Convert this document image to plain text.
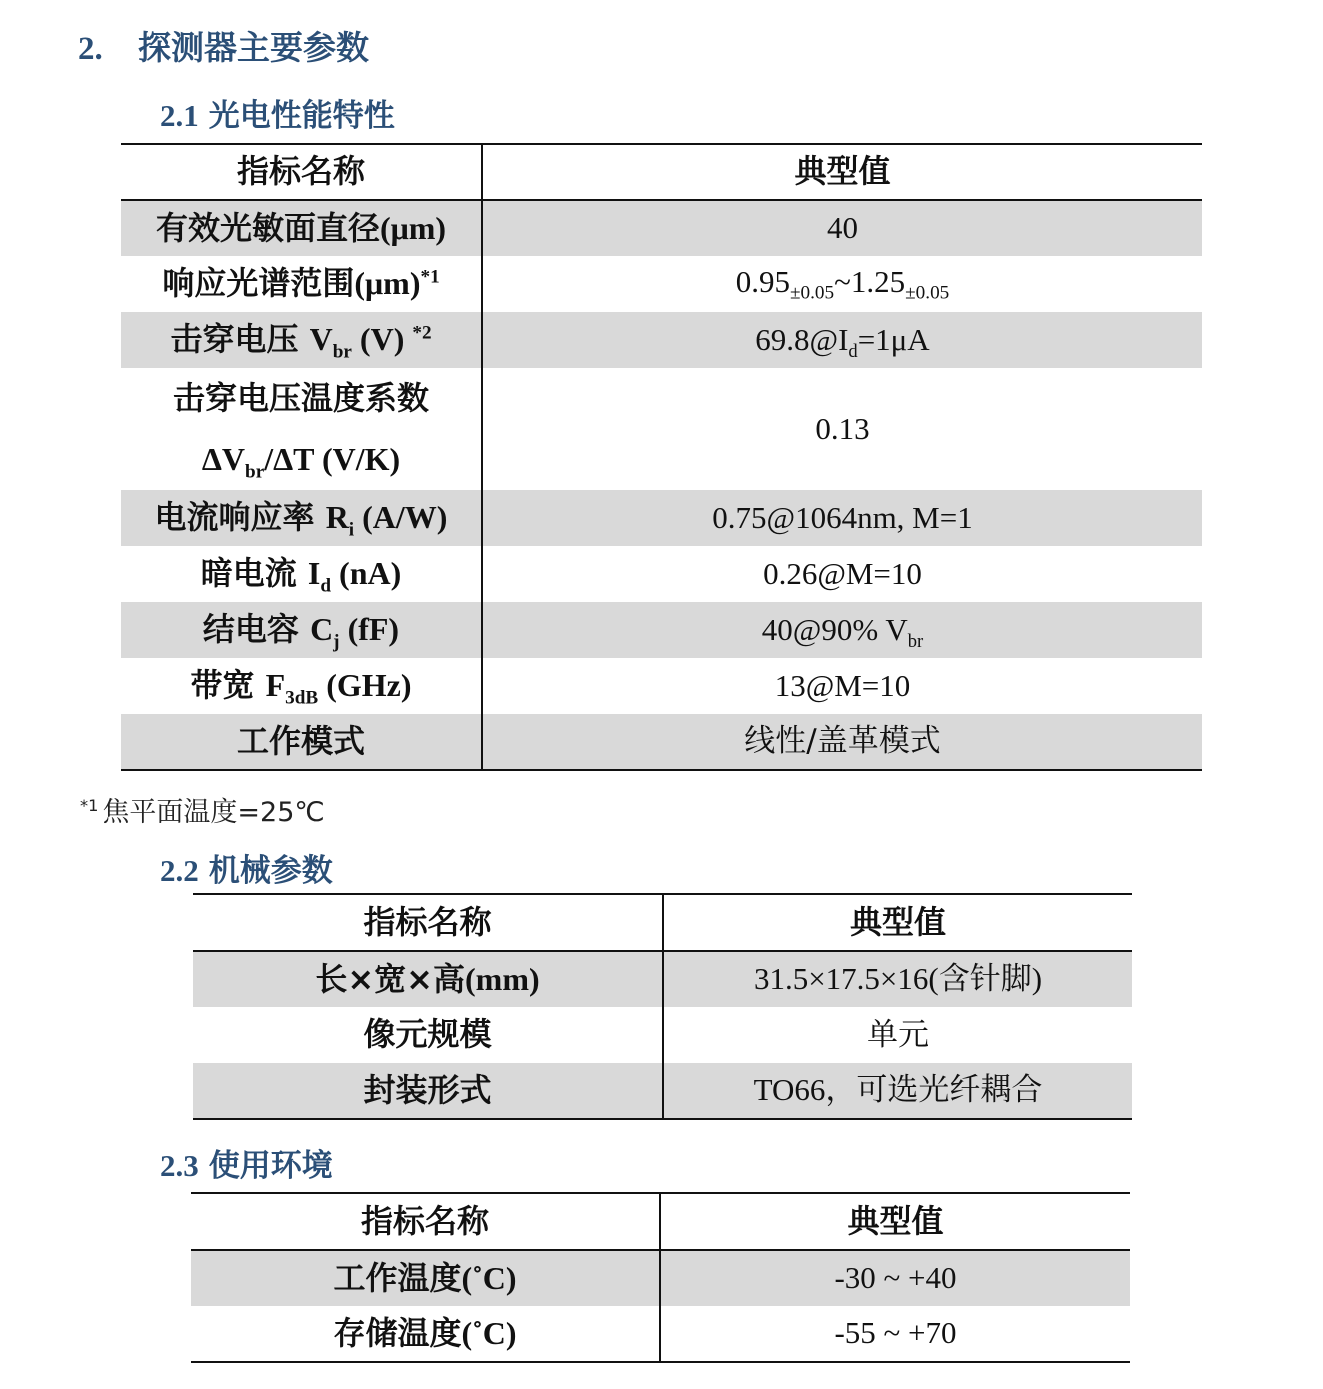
2. 探测器主要参数
2.1 光电性能特性
指标名称	典型值
有效光敏面直径(μm)	40
响应光谱范围$(\mu m)^{*1}$	$0.95_{\pm 0.05}\sim 1.25_{\pm 0.05}$
击穿电压 $V_{br}$ (V) $^{*2}$	$69.8@I_d=1\mu A$
击穿电压温度系数
$\Delta V_{br}/\Delta T$ (V/K)	0.13
电流响应率 $R_i$ (A/W)	0.75@1064nm, M=1
暗电流 $I_d$ (nA)	0.26@M=10
结电容 $C_j$ (fF)	40@90% $V_{br}$
带宽 $F_{3dB}$ (GHz)	13@M=10
工作模式	线性/盖革模式
$^{*1}$ 焦平面温度=25℃
2.2 机械参数
指标名称	典型值
长×宽×高(mm)	31.5×17.5×16(含针脚)
像元规模	单元
封装形式	TO66，可选光纤耦合
2.3 使用环境
指标名称	典型值
工作温度(˚C)	-30 ~ +40
存储温度(˚C)	-55 ~ +70
